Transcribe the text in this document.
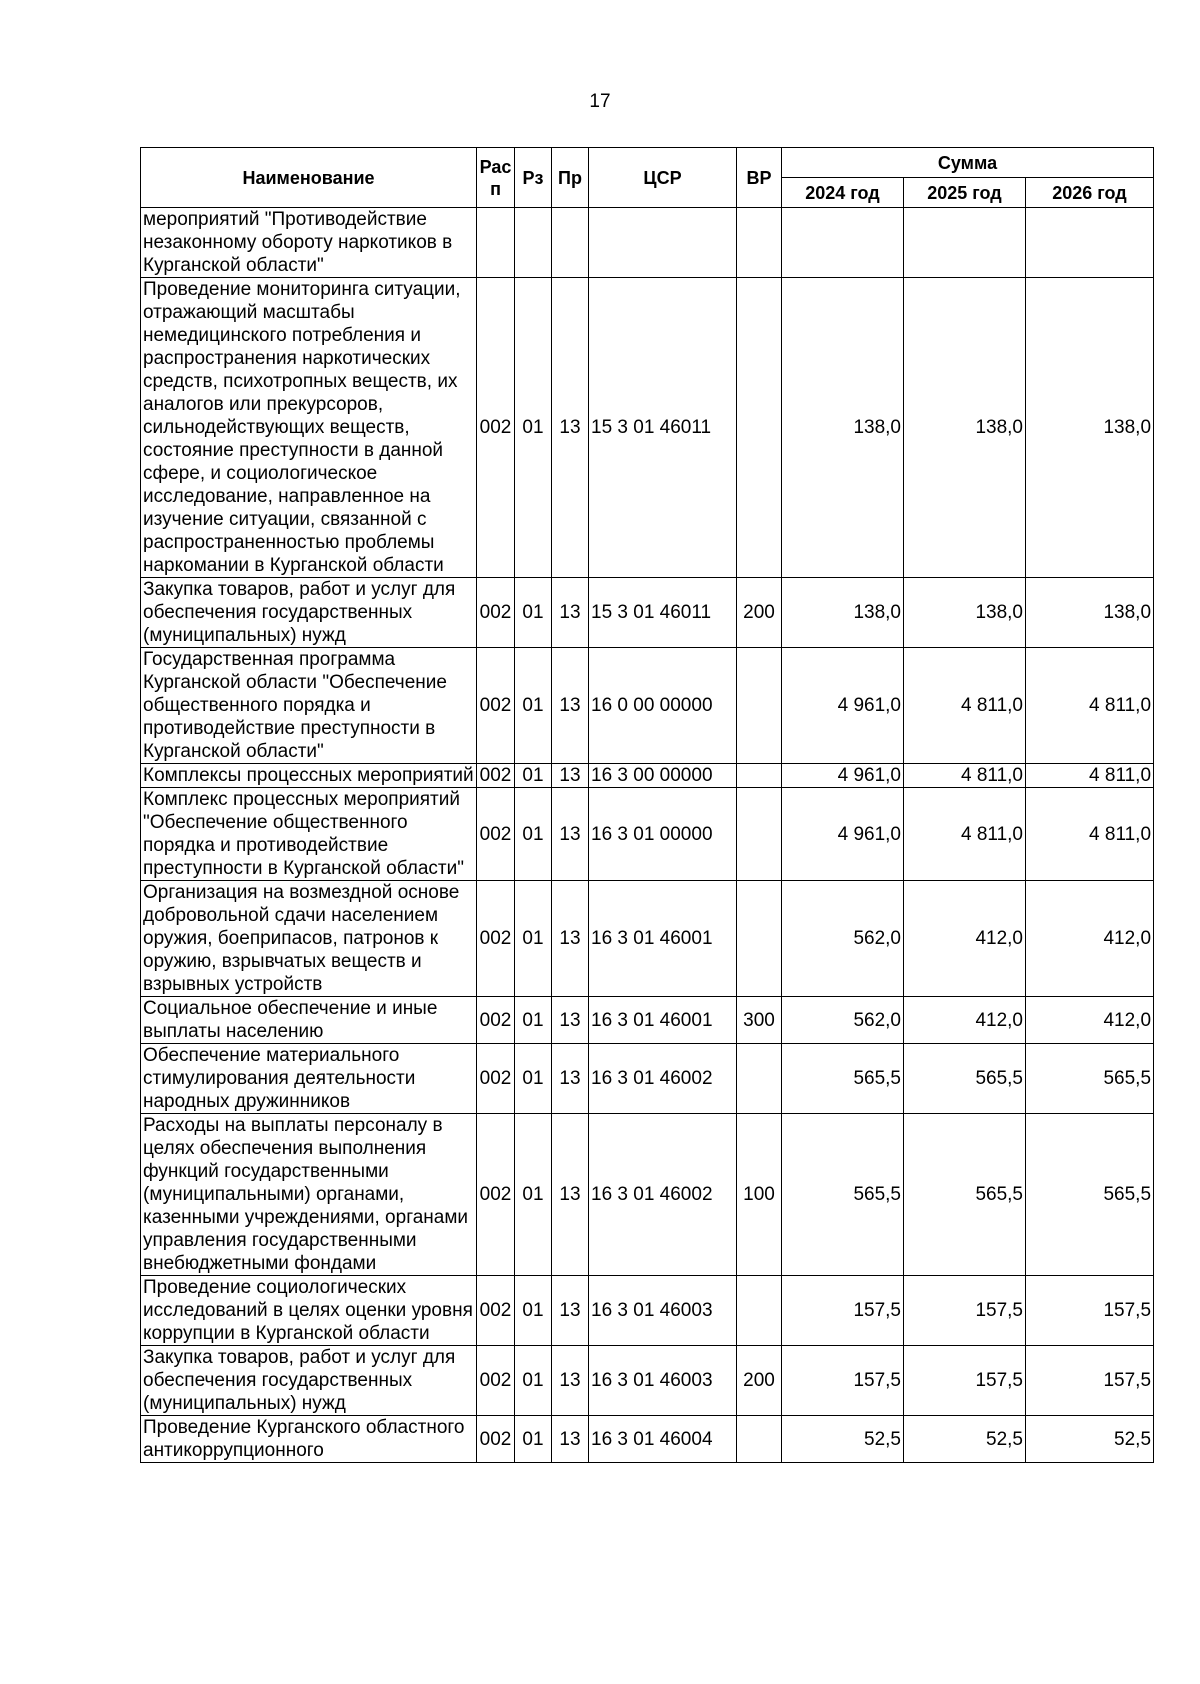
17
Наименование	Рас п	Рз	Пр	ЦСР	ВР	Сумма		
						2024 год	2025 год	2026 год
мероприятий "Противодействие незаконному обороту наркотиков в Курганской области"								
Проведение мониторинга ситуации, отражающий масштабы немедицинского потребления и распространения наркотических средств, психотропных веществ, их аналогов или прекурсоров, сильнодействующих веществ, состояние преступности в данной сфере, и социологическое исследование, направленное на изучение ситуации, связанной с распространенностью проблемы наркомании в Курганской области	002	01	13	15 3 01 46011		138,0	138,0	138,0
Закупка товаров, работ и услуг для обеспечения государственных (муниципальных) нужд	002	01	13	15 3 01 46011	200	138,0	138,0	138,0
Государственная программа Курганской области "Обеспечение общественного порядка и противодействие преступности в Курганской области"	002	01	13	16 0 00 00000		4 961,0	4 811,0	4 811,0
Комплексы процессных мероприятий	002	01	13	16 3 00 00000		4 961,0	4 811,0	4 811,0
Комплекс процессных мероприятий "Обеспечение общественного порядка и противодействие преступности в Курганской области"	002	01	13	16 3 01 00000		4 961,0	4 811,0	4 811,0
Организация на возмездной основе добровольной сдачи населением оружия, боеприпасов, патронов к оружию, взрывчатых веществ и взрывных устройств	002	01	13	16 3 01 46001		562,0	412,0	412,0
Социальное обеспечение и иные выплаты населению	002	01	13	16 3 01 46001	300	562,0	412,0	412,0
Обеспечение материального стимулирования деятельности народных дружинников	002	01	13	16 3 01 46002		565,5	565,5	565,5
Расходы на выплаты персоналу в целях обеспечения выполнения функций государственными (муниципальными) органами, казенными учреждениями, органами управления государственными внебюджетными фондами	002	01	13	16 3 01 46002	100	565,5	565,5	565,5
Проведение социологических исследований в целях оценки уровня коррупции в Курганской области	002	01	13	16 3 01 46003		157,5	157,5	157,5
Закупка товаров, работ и услуг для обеспечения государственных (муниципальных) нужд	002	01	13	16 3 01 46003	200	157,5	157,5	157,5
Проведение Курганского областного антикоррупционного	002	01	13	16 3 01 46004		52,5	52,5	52,5
